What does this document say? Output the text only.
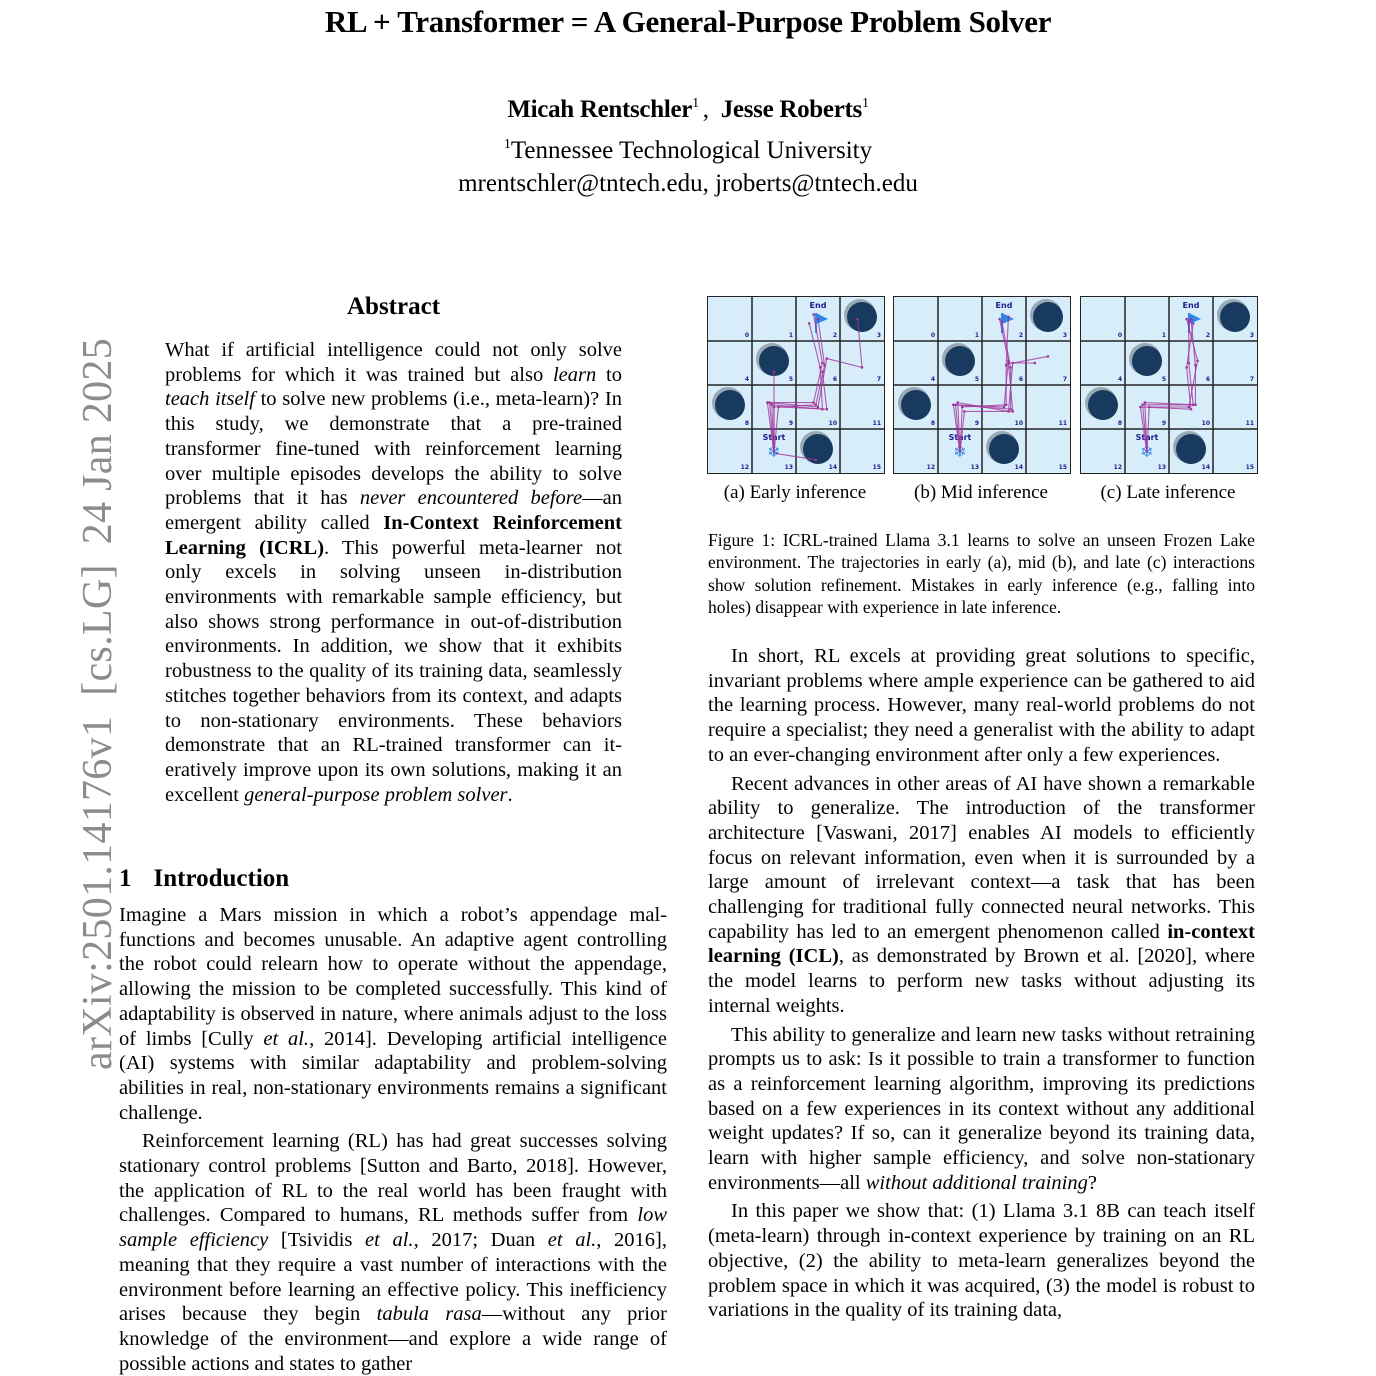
RL + Transformer = A General-Purpose Problem Solver
Micah Rentschler$^1$ , Jesse Roberts$^1$
$^1$Tennessee Technological University
mrentschler@tntech.edu, jroberts@tntech.edu
arXiv:2501.14176v1[cs.LG]24 Jan 2025
Abstract
What if artificial intelligence could not only solve problems for which it was trained but also learn to teach itself to solve new problems (i.e., meta-learn)? In this study, we demonstrate that a pre-trained transformer fine-tuned with reinforcement learning over multiple episodes develops the ability to solve problems that it has never encountered before—an emergent ability called In-Context Reinforcement Learning (ICRL). This powerful meta-learner not only excels in solving unseen in-distribution environments with remarkable sample efficiency, but also shows strong performance in out-of-distribution environments. In addition, we show that it exhibits robustness to the quality of its training data, seamlessly stitches together behaviors from its context, and adapts to non-stationary environments. These behaviors demonstrate that an RL-trained transformer can iteratively improve upon its own solutions, making it an excellent general-purpose problem solver.
1 Introduction

Imagine a Mars mission in which a robot’s appendage malfunctions and becomes unusable. An adaptive agent controlling the robot could relearn how to operate without the appendage, allowing the mission to be completed successfully. This kind of adaptability is observed in nature, where animals adjust to the loss of limbs [Cully et al., 2014]. Developing artificial intelligence (AI) systems with similar adaptability and problem-solving abilities in real, non-stationary environments remains a significant challenge.

Reinforcement learning (RL) has had great successes solving stationary control problems [Sutton and Barto, 2018]. However, the application of RL to the real world has been fraught with challenges. Compared to humans, RL methods suffer from low sample efficiency [Tsividis et al., 2017; Duan et al., 2016], meaning that they require a vast number of interactions with the environment before learning an effective policy. This inefficiency arises because they begin tabula rasa—without any prior knowledge of the environment—and explore a wide range of possible actions and states to gather

In short, RL excels at providing great solutions to specific, invariant problems where ample experience can be gathered to aid the learning process. However, many real-world problems do not require a specialist; they need a generalist with the ability to adapt to an ever-changing environment after only a few experiences.

Recent advances in other areas of AI have shown a remarkable ability to generalize. The introduction of the transformer architecture [Vaswani, 2017] enables AI models to efficiently focus on relevant information, even when it is surrounded by a large amount of irrelevant context—a task that has been challenging for traditional fully connected neural networks. This capability has led to an emergent phenomenon called in-context learning (ICL), as demonstrated by Brown et al. [2020], where the model learns to perform new tasks without adjusting its internal weights.

This ability to generalize and learn new tasks without retraining prompts us to ask: Is it possible to train a transformer to function as a reinforcement learning algorithm, improving its predictions based on a few experiences in its context without any additional weight updates? If so, can it generalize beyond its training data, learn with higher sample efficiency, and solve non-stationary environments—all without additional training?

In this paper we show that: (1) Llama 3.1 8B can teach itself (meta-learn) through in-context experience by training on an RL objective, (2) the ability to meta-learn generalizes beyond the problem space in which it was acquired, (3) the model is robust to variations in the quality of its training data,

0	1	2	3
4	5	6	7
8	9	10	11
12	13	14	15
End
Start
❄
0	1	2	3
4	5	6	7
8	9	10	11
12	13	14	15
End
Start
❄
0	1	2	3
4	5	6	7
8	9	10	11
12	13	14	15
End
Start
❄
(a) Early inference	(b) Mid inference	(c) Late inference
Figure 1: ICRL-trained Llama 3.1 learns to solve an unseen Frozen Lake environment. The trajectories in early (a), mid (b), and late (c) interactions show solution refinement. Mistakes in early inference (e.g., falling into holes) disappear with experience in late inference.
